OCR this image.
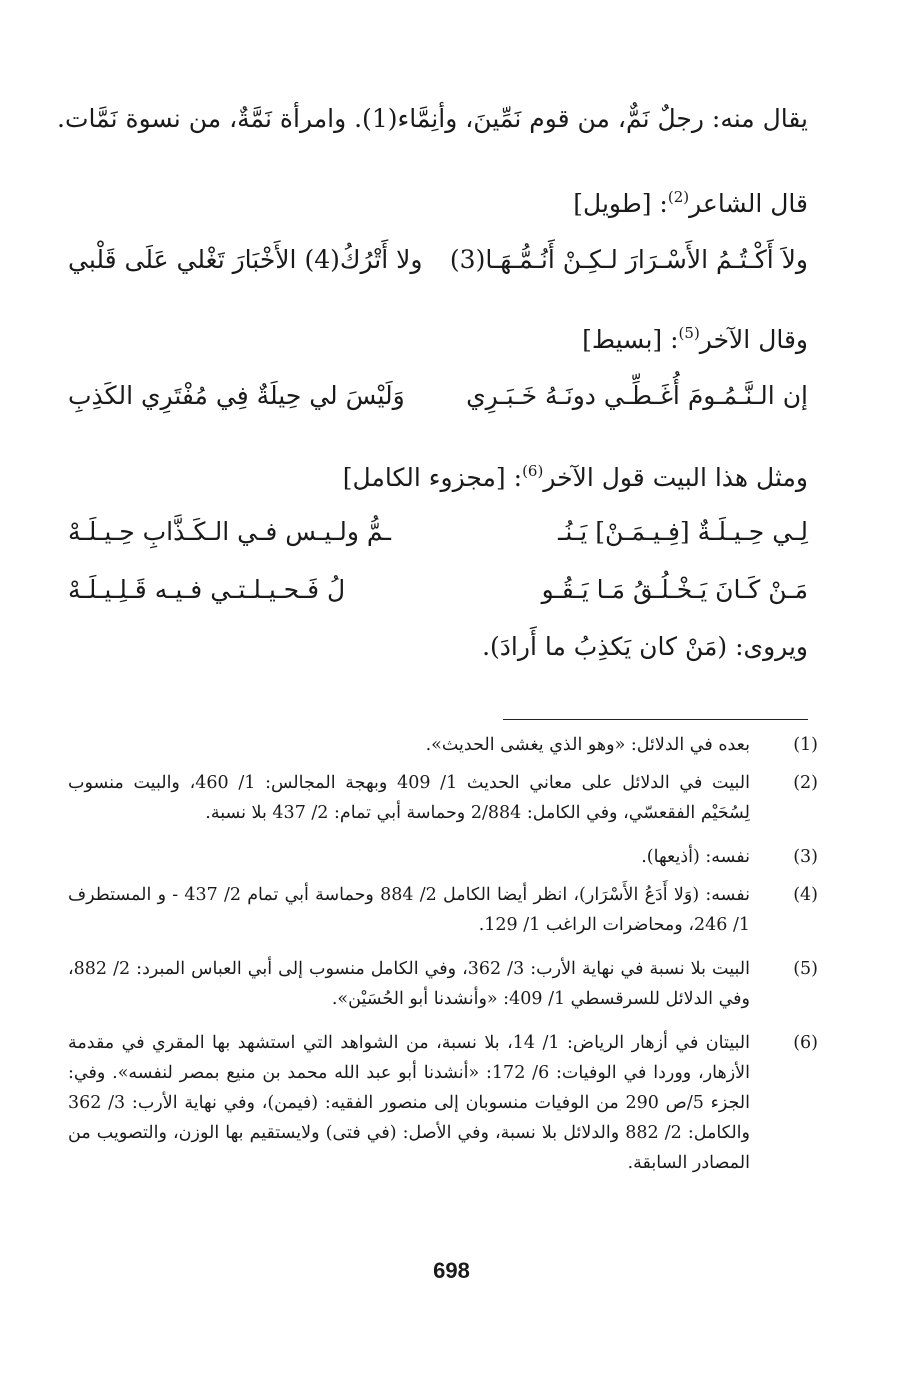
يقال منه: رجلٌ نَمٌّ، من قوم نَمِّينَ، وأنِمَّاء(1). وامرأة نَمَّةٌ، من نسوة نَمَّات.
قال الشاعر$^{(2)}$: [طويل]
ولاَ أَكْـتُـمُ الأَسْـرَارَ لـكِـنْ أَنُـمُّـهَـا(3)
ولا أَتْرُكُ(4) الأَخْبَارَ تَغْلي عَلَى قَلْبي
وقال الآخر$^{(5)}$: [بسيط]
إن الـنَّـمُـومَ أُغَـطِّـي دونَـهُ خَـبَـرِي
وَلَيْسَ لي حِيلَةٌ فِي مُفْتَرِي الكَذِبِ
ومثل هذا البيت قول الآخر$^{(6)}$: [مجزوء الكامل]
لِـي حِـيـلَـةٌ [فِـيـمَـنْ] يَـنُـ
ـمُّ ولـيـس فـي الـكَـذَّابِ حِـيـلَـهْ
مَـنْ كَـانَ يَـخْـلُـقُ مَـا يَـقُـو
لُ فَـحـيـلـتـي فـيـه قَـلِـيـلَـهْ
ويروى: (مَنْ كان يَكذِبُ ما أَرادَ).
(1)
بعده في الدلائل: «وهو الذي يغشى الحديث».
(2)
البيت في الدلائل على معاني الحديث 1/ 409 وبهجة المجالس: 1/ 460، والبيت منسوب لِسُحَيْم الفقعسّي، وفي الكامل: 2/884 وحماسة أبي تمام: 2/ 437 بلا نسبة.
(3)
نفسه: (أذيعها).
(4)
نفسه: (وَلا أَدَعُ الأَسْرَار)، انظر أيضا الكامل 2/ 884 وحماسة أبي تمام 2/ 437 - و المستطرف 1/ 246، ومحاضرات الراغب 1/ 129.
(5)
البيت بلا نسبة في نهاية الأرب: 3/ 362، وفي الكامل منسوب إلى أبي العباس المبرد: 2/ 882، وفي الدلائل للسرقسطي 1/ 409: «وأنشدنا أبو الحُسَيْن».
(6)
البيتان في أزهار الرياض: 1/ 14، بلا نسبة، من الشواهد التي استشهد بها المقري في مقدمة الأزهار، ووردا في الوفيات: 6/ 172: «أنشدنا أبو عبد الله محمد بن منيع بمصر لنفسه». وفي: الجزء 5/ص 290 من الوفيات منسوبان إلى منصور الفقيه: (فيمن)، وفي نهاية الأرب: 3/ 362 والكامل: 2/ 882 والدلائل بلا نسبة، وفي الأصل: (في فتى) ولايستقيم بها الوزن، والتصويب من المصادر السابقة.
698
